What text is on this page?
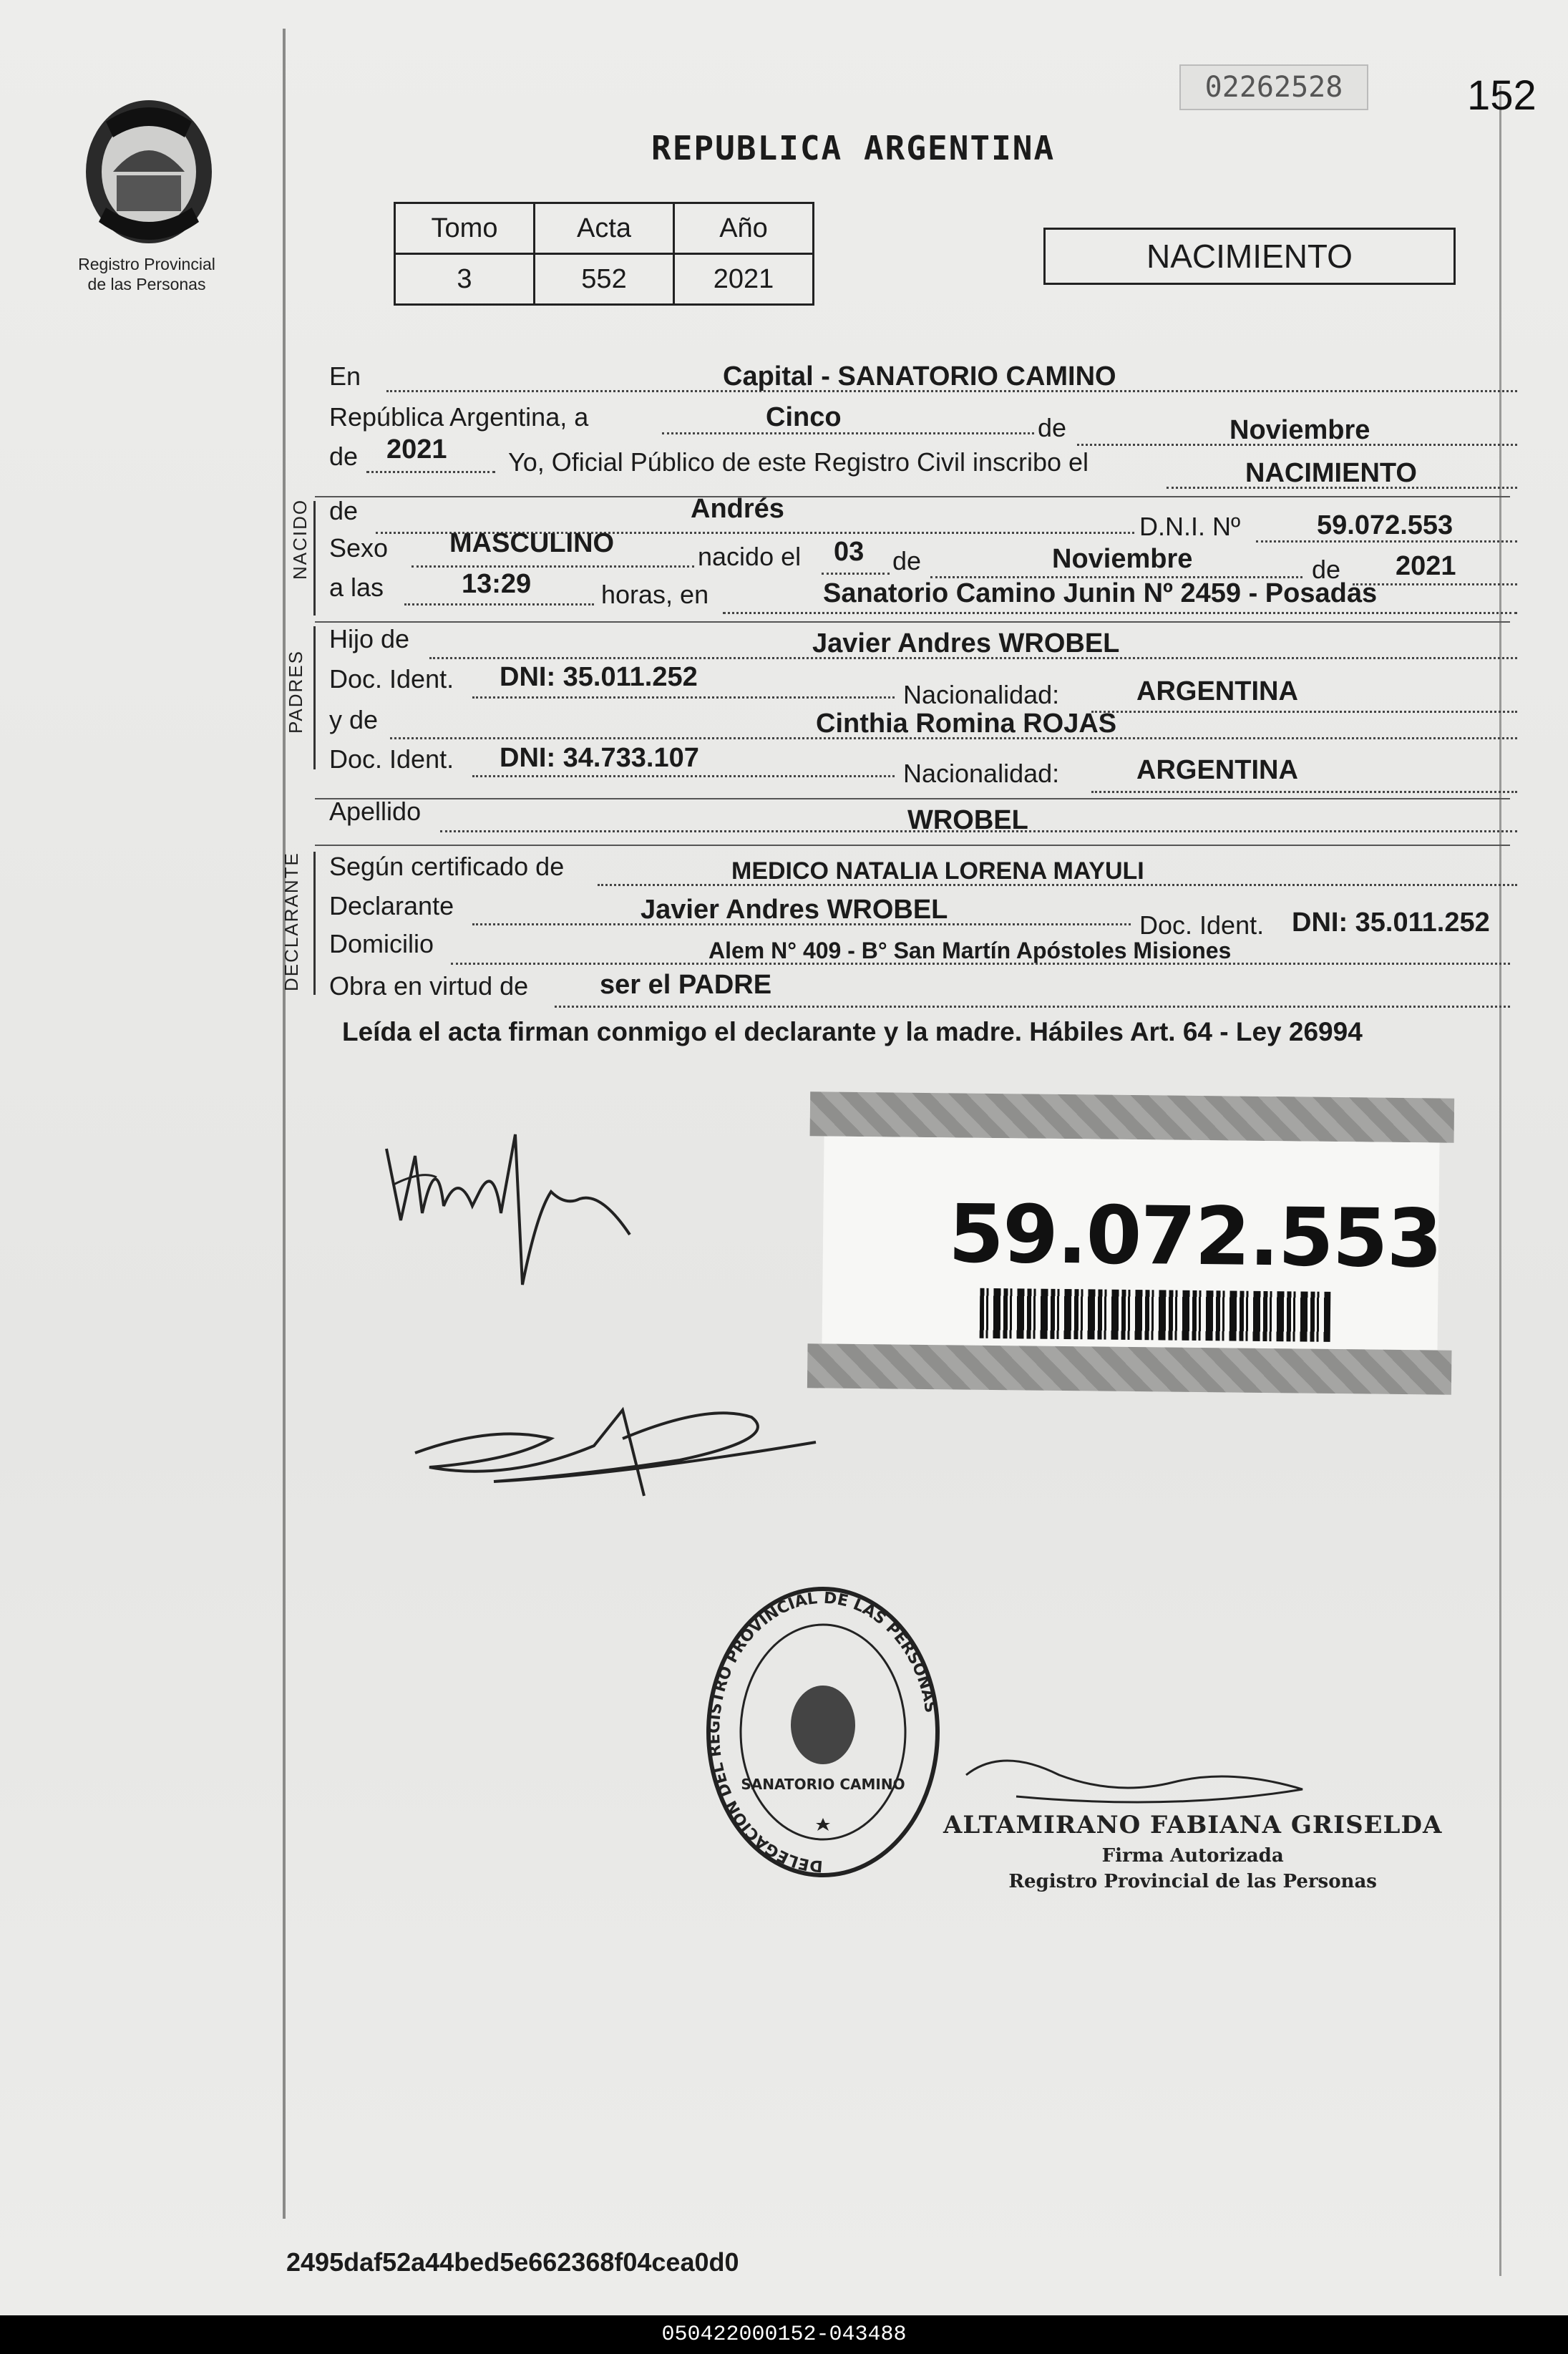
Registro Provincial
de las Personas
02262528	152
REPUBLICA ARGENTINA
Tomo	Acta	Año
3	552	2021
NACIMIENTO
En	Capital - SANATORIO CAMINO
República Argentina, a	Cinco	de	Noviembre
de 2021 Yo, Oficial Público de este Registro Civil inscribo el	NACIMIENTO
NACIDO de	Andrés
D.N.I. Nº	59.072.553
Sexo MASCULINO	nacido el 03 de	Noviembre	de 2021
a las	13:29	horas, en	Sanatorio Camino Junin Nº 2459 - Posadas
PADRES
Hijo de	Javier Andres WROBEL
Doc. Ident. DNI: 35.011.252
Nacionalidad:	ARGENTINA
y de	Cinthia Romina ROJAS
Doc. Ident. DNI: 34.733.107
Nacionalidad:	ARGENTINA
Apellido	WROBEL
DECLARANTE Según certificado de	MEDICO NATALIA LORENA MAYULI
Declarante	Javier Andres WROBEL
Doc. Ident. DNI: 35.011.252
Domicilio	Alem N° 409 - B° San Martín Apóstoles Misiones
Obra en virtud de	ser el PADRE
Leída el acta firman conmigo el declarante y la madre. Hábiles Art. 64 - Ley 26994
59.072.553
DELEGACION DEL REGISTRO PROVINCIAL DE LAS PERSONAS
SANATORIO CAMINO
ALTAMIRANO FABIANA GRISELDA
Firma Autorizada
Registro Provincial de las Personas
2495daf52a44bed5e662368f04cea0d0
050422000152-043488
